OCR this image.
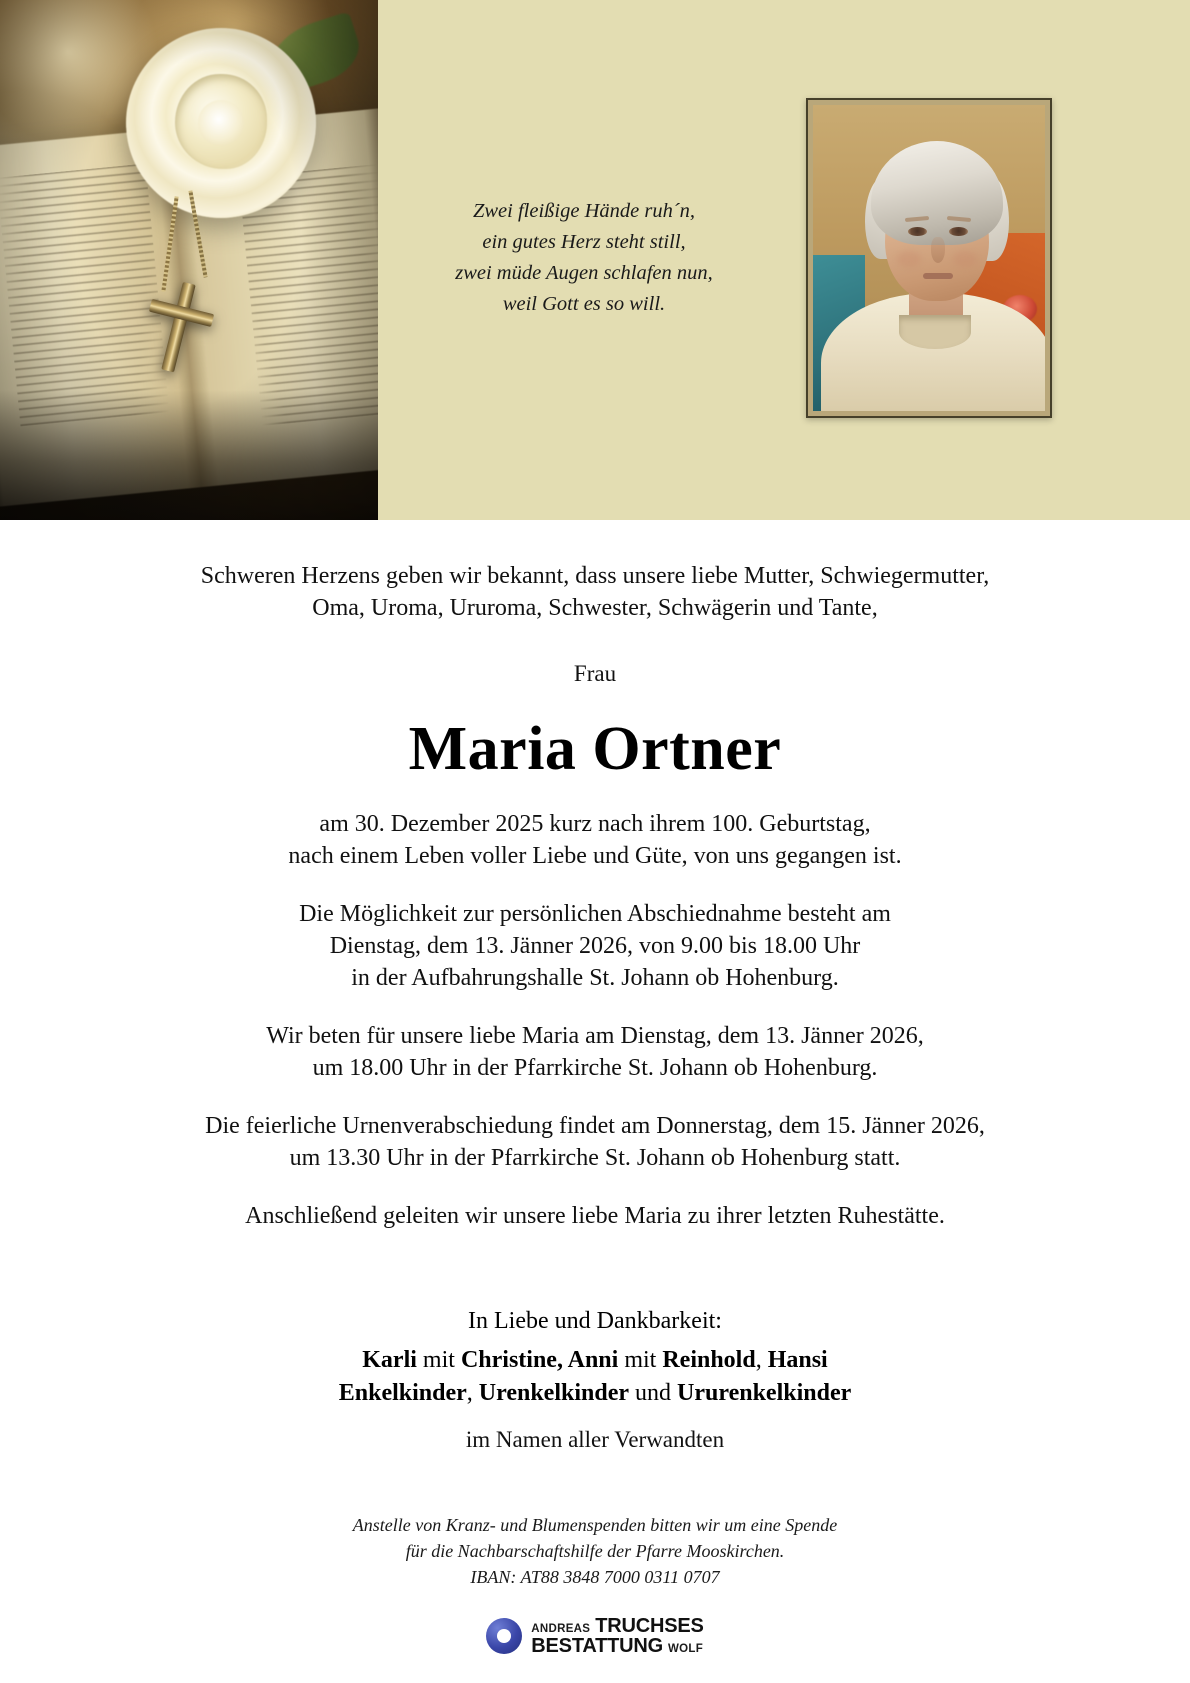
Zwei fleißige Hände ruh´n,
ein gutes Herz steht still,
zwei müde Augen schlafen nun,
weil Gott es so will.
Schweren Herzens geben wir bekannt, dass unsere liebe Mutter, Schwiegermutter,
Oma, Uroma, Ururoma, Schwester, Schwägerin und Tante,
Frau
Maria Ortner
am 30. Dezember 2025 kurz nach ihrem 100. Geburtstag,
nach einem Leben voller Liebe und Güte, von uns gegangen ist.
Die Möglichkeit zur persönlichen Abschiednahme besteht am
Dienstag, dem 13. Jänner 2026, von 9.00 bis 18.00 Uhr
in der Aufbahrungshalle St. Johann ob Hohenburg.
Wir beten für unsere liebe Maria am Dienstag, dem 13. Jänner 2026,
um 18.00 Uhr in der Pfarrkirche St. Johann ob Hohenburg.
Die feierliche Urnenverabschiedung findet am Donnerstag, dem 15. Jänner 2026,
um 13.30 Uhr in der Pfarrkirche St. Johann ob Hohenburg statt.
Anschließend geleiten wir unsere liebe Maria zu ihrer letzten Ruhestätte.
In Liebe und Dankbarkeit:
Karli mit Christine, Anni mit Reinhold, Hansi
Enkelkinder, Urenkelkinder und Ururenkelkinder
im Namen aller Verwandten
Anstelle von Kranz- und Blumenspenden bitten wir um eine Spende
für die Nachbarschaftshilfe der Pfarre Mooskirchen.
IBAN: AT88 3848 7000 0311 0707
ANDREAS TRUCHSES
BESTATTUNG WOLF
